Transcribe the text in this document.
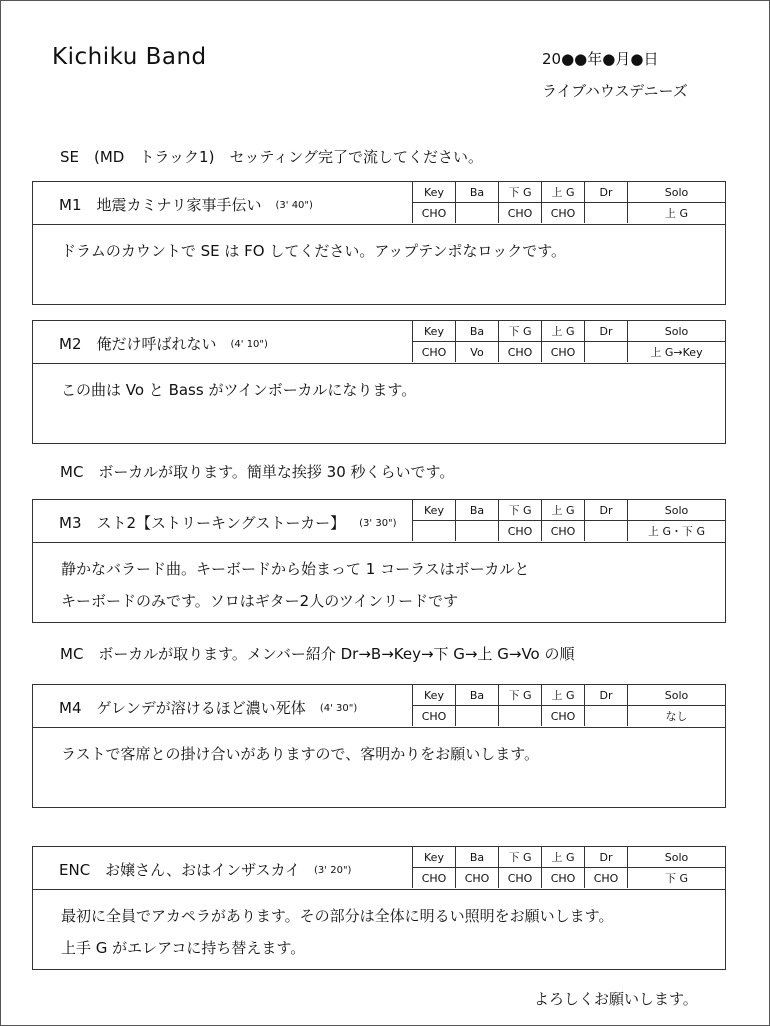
Kichiku Band	20●●年●月●日
ライブハウスデニーズ
SE　(MD　トラック1)　セッティング完了で流してください。
M1　地震カミナリ家事手伝い (3' 40")
Key	Ba	下 G	上 G	Dr	Solo
CHO		CHO	CHO		上 G
ドラムのカウントで SE は FO してください。アップテンポなロックです。
M2　俺だけ呼ばれない (4' 10")
Key	Ba	下 G	上 G	Dr	Solo
CHO	Vo	CHO	CHO		上 G→Key
この曲は Vo と Bass がツインボーカルになります。
MC　ボーカルが取ります。簡単な挨拶 30 秒くらいです。
M3　スト2【ストリーキングストーカー】 (3' 30")
Key	Ba	下 G	上 G	Dr	Solo
		CHO	CHO		上 G・下 G
静かなバラード曲。キーボードから始まって 1 コーラスはボーカルと
キーボードのみです。ソロはギター2人のツインリードです
MC　ボーカルが取ります。メンバー紹介 Dr→B→Key→下 G→上 G→Vo の順
M4　ゲレンデが溶けるほど濃い死体 (4' 30")
Key	Ba	下 G	上 G	Dr	Solo
CHO			CHO		なし
ラストで客席との掛け合いがありますので、客明かりをお願いします。
ENC　お嬢さん、おはインザスカイ (3' 20")
Key	Ba	下 G	上 G	Dr	Solo
CHO	CHO	CHO	CHO	CHO	下 G
最初に全員でアカペラがあります。その部分は全体に明るい照明をお願いします。
上手 G がエレアコに持ち替えます。
よろしくお願いします。
